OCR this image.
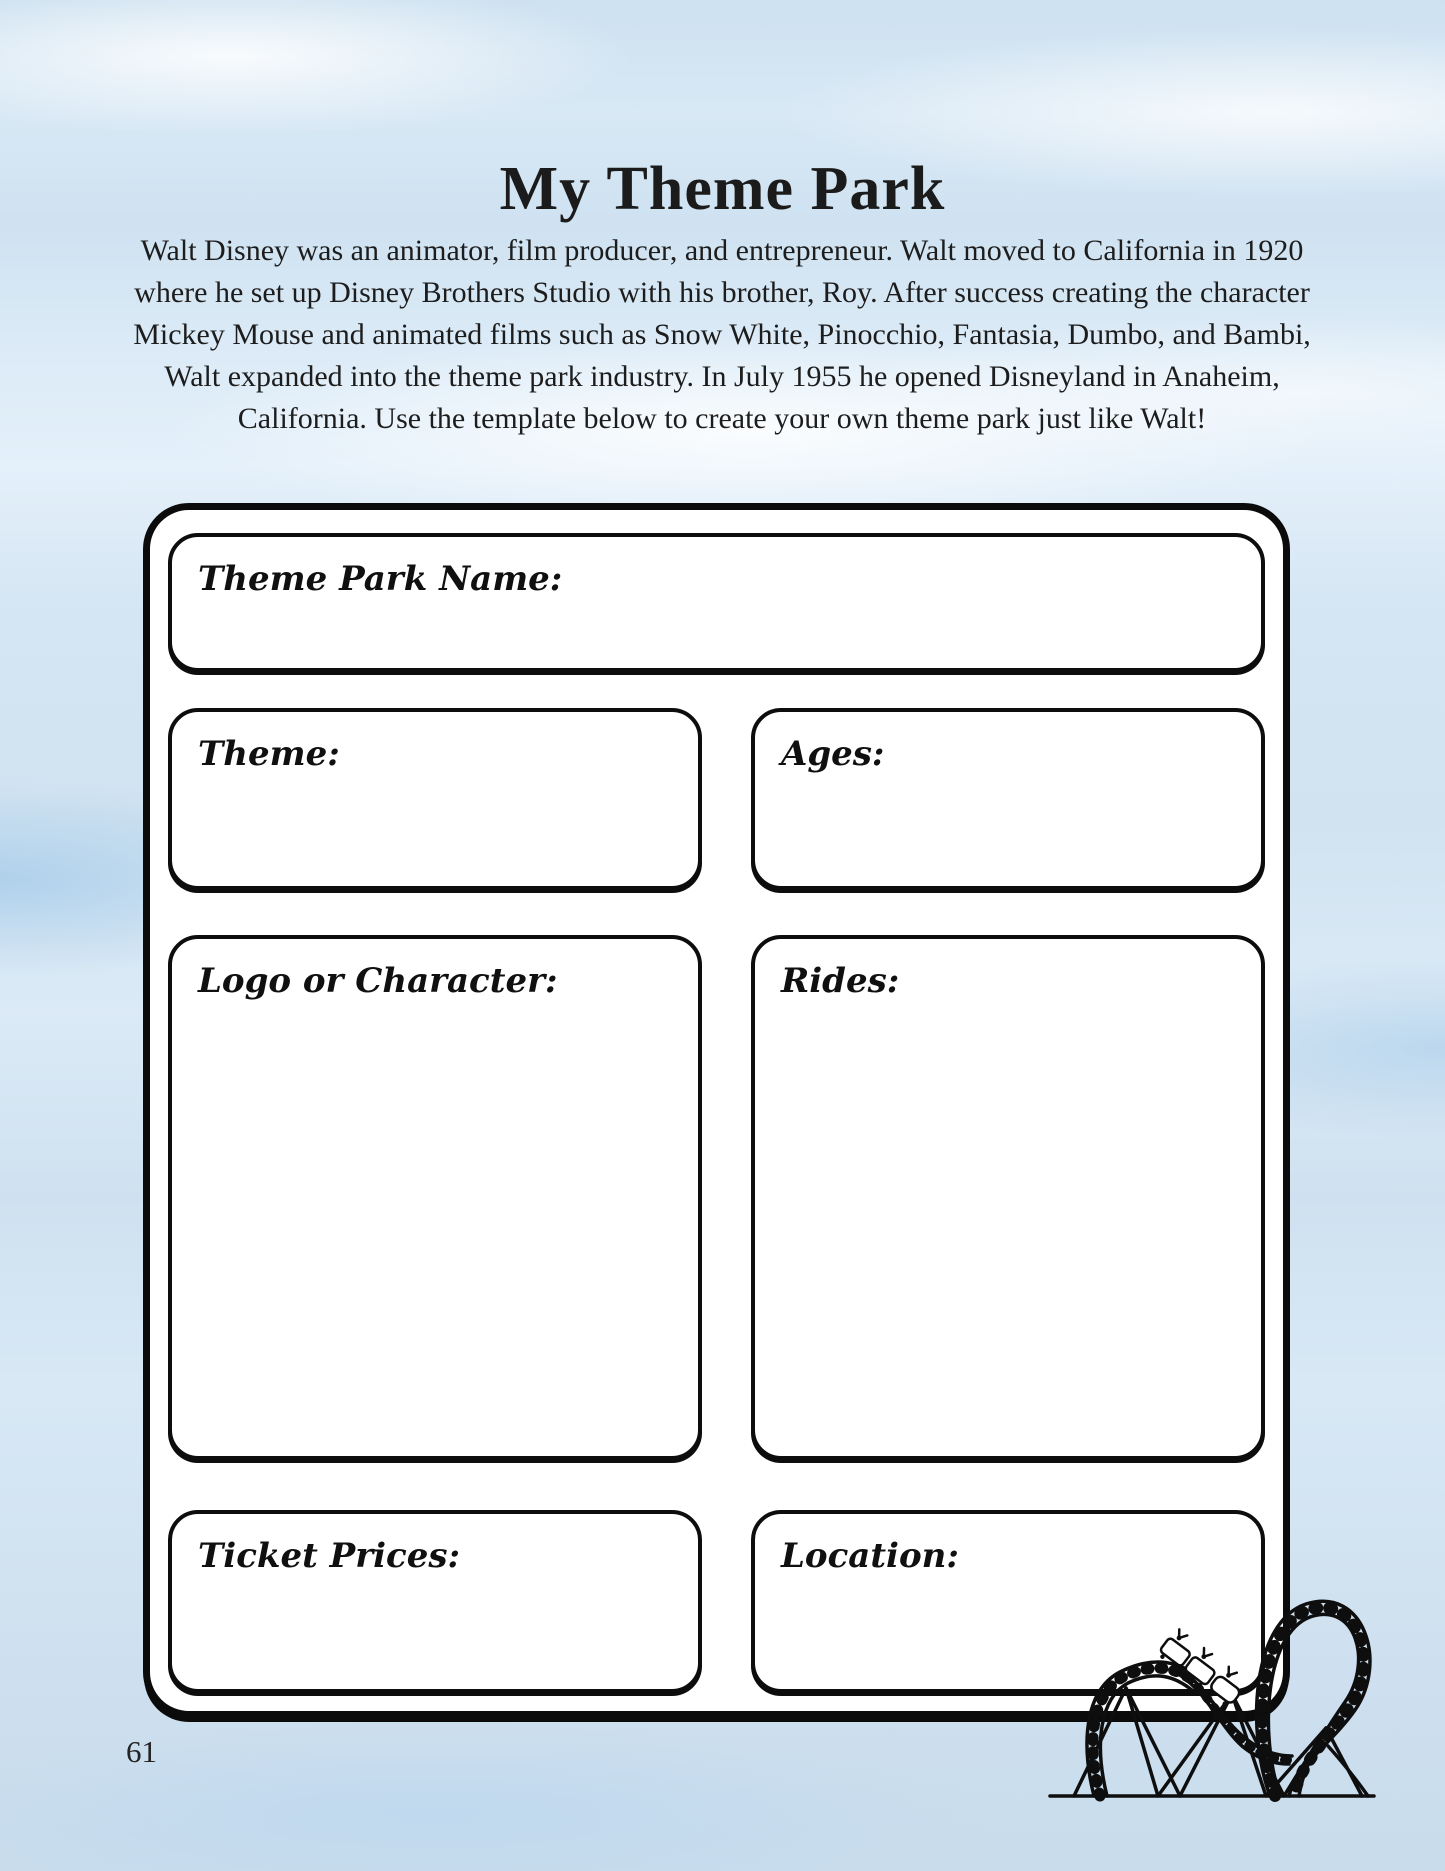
My Theme Park

Walt Disney was an animator, film producer, and entrepreneur. Walt moved to California in 1920 where he set up Disney Brothers Studio with his brother, Roy. After success creating the character Mickey Mouse and animated films such as Snow White, Pinocchio, Fantasia, Dumbo, and Bambi, Walt expanded into the theme park industry. In July 1955 he opened Disneyland in Anaheim, California. Use the template below to create your own theme park just like Walt!

Theme Park Name:
Theme:	Ages:
Logo or Character:	Rides:
Ticket Prices:	Location:
61
